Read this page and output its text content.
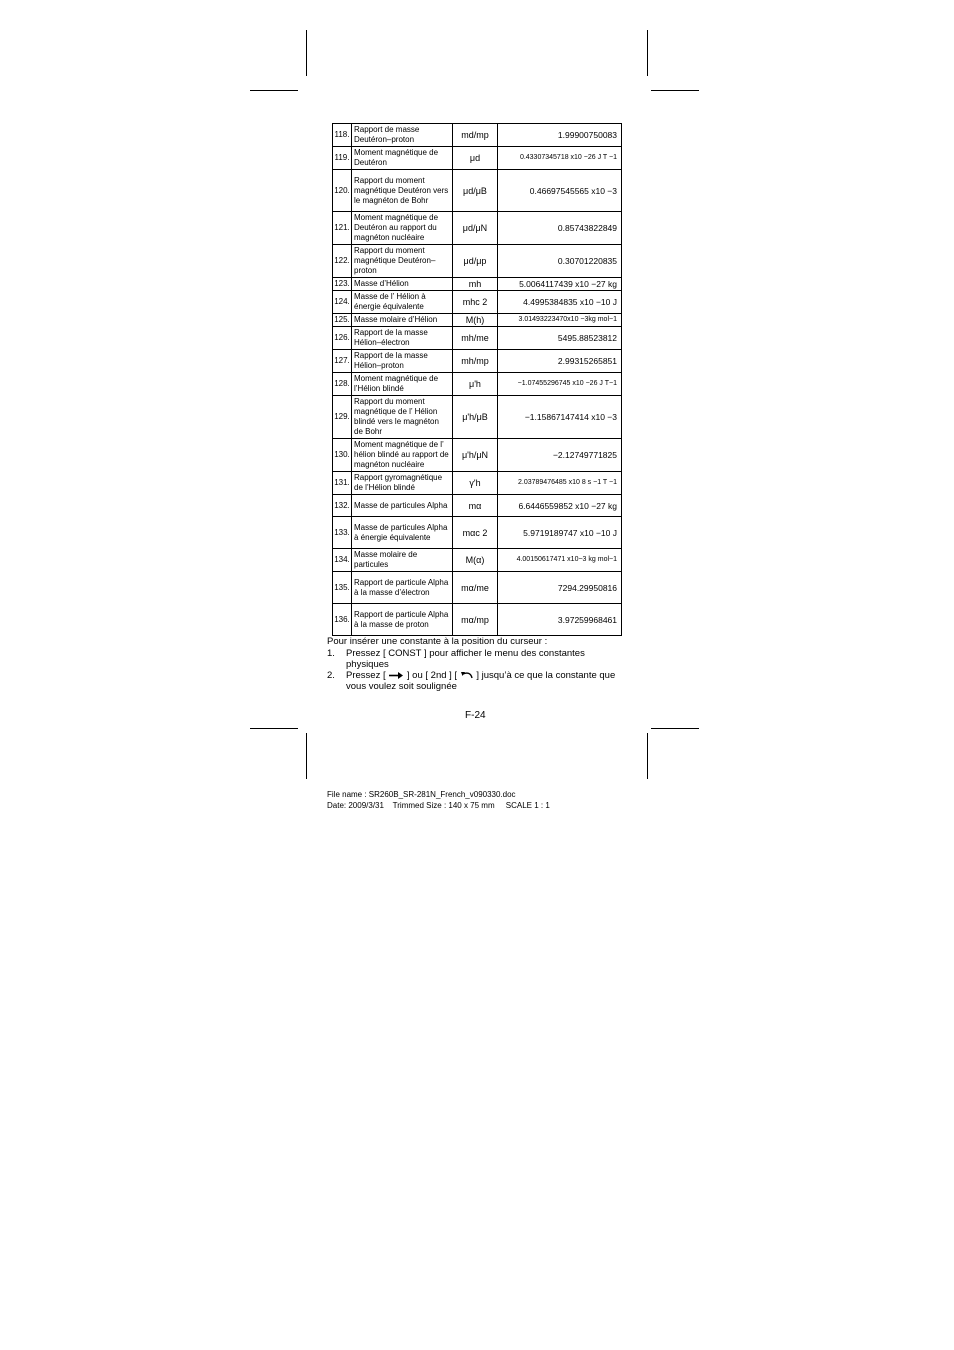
118.	Rapport de masse Deutéron–proton	md/mp	1.99900750083
119.	Moment magnétique de Deutéron	μd	0.43307345718 x10 −26 J T −1
120.	Rapport du moment magnétique Deutéron vers le magnéton de Bohr	μd/μB	0.46697545565 x10 −3
121.	Moment magnétique de Deutéron au rapport du magnéton nucléaire	μd/μN	0.85743822849
122.	Rapport du moment magnétique Deutéron–proton	μd/μp	0.30701220835
123.	Masse d’Hélion	mh	5.0064117439 x10 −27 kg
124.	Masse de l’ Hélion à énergie équivalente	mhc 2	4.4995384835 x10 −10 J
125.	Masse molaire d’Hélion	M(h)	3.01493223470x10 −3kg mol−1
126.	Rapport de la masse Hélion–électron	mh/me	5495.88523812
127.	Rapport de la masse Hélion–proton	mh/mp	2.99315265851
128.	Moment magnétique de l’Hélion blindé	μ'h	−1.07455296745 x10 −26 J T−1
129.	Rapport du moment magnétique de l’ Hélion blindé vers le magnéton de Bohr	μ'h/μB	−1.15867147414 x10 −3
130.	Moment magnétique de l’ hélion blindé au rapport de magnéton nucléaire	μ'h/μN	−2.12749771825
131.	Rapport gyromagnétique de l’Hélion blindé	γ'h	2.03789476485 x10 8 s −1 T −1
132.	Masse de particules Alpha	mα	6.6446559852 x10 −27 kg
133.	Masse de particules Alpha à énergie équivalente	mαc 2	5.9719189747 x10 −10 J
134.	Masse molaire de particules	M(α)	4.00150617471 x10−3 kg mol−1
135.	Rapport de particule Alpha à la masse d’électron	mα/me	7294.29950816
136.	Rapport de particule Alpha à la masse de proton	mα/mp	3.97259968461

Pour insérer une constante à la position du curseur :

1.	Pressez [ CONST ] pour afficher le menu des constantes physiques
2.	Pressez [ ] ou [ 2nd ] [ ] jusqu’à ce que la constante que vous voulez soit soulignée
F-24
File name : SR260B_SR-281N_French_v090330.doc
Date: 2009/3/31    Trimmed Size : 140 x 75 mm     SCALE 1 : 1
